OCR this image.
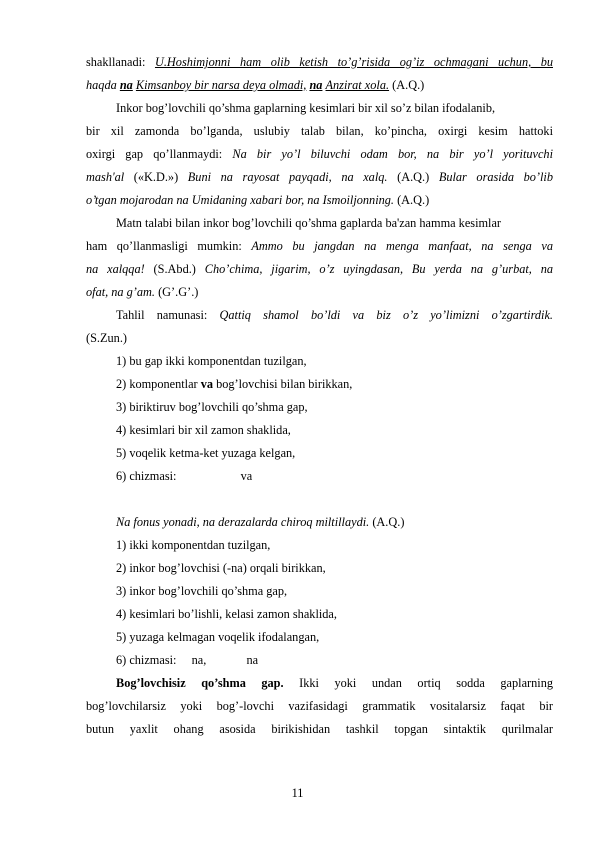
shakllanadi: U.Hoshimjonni ham olib ketish to’g’risida og’iz ochmagani uchun, bu
haqda na Kimsanboy bir narsa deya olmadi, na Anzirat xola. (A.Q.)
Inkor bog’lovchili qo’shma gaplarning kesimlari bir xil so’z bilan ifodalanib,
bir xil zamonda bo’lganda, uslubiy talab bilan, ko’pincha, oxirgi kesim hattoki
oxirgi gap qo’llanmaydi: Na bir yo’l biluvchi odam bor, na bir yo’l yorituvchi
mash'al («K.D.») Buni na rayosat payqadi, na xalq. (A.Q.) Bular orasida bo’lib
o’tgan mojarodan na Umidaning xabari bor, na Ismoiljonning. (A.Q.)
Matn talabi bilan inkor bog’lovchili qo’shma gaplarda ba'zan hamma kesimlar
ham qo’llanmasligi mumkin: Ammo bu jangdan na menga manfaat, na senga va
na xalqqa! (S.Abd.) Cho’chima, jigarim, o’z uyingdasan, Bu yerda na g’urbat, na
ofat, na g’am. (G’.G’.)
Tahlil namunasi: Qattiq shamol bo’ldi va biz o’z yo’limizni o’zgartirdik.
(S.Zun.)
1) bu gap ikki komponentdan tuzilgan,
2) komponentlar va bog’lovchisi bilan birikkan,
3) biriktiruv bog’lovchili qo’shma gap,
4) kesimlari bir xil zamon shaklida,
5) voqelik ketma-ket yuzaga kelgan,
6) chizmasi:	va
Na fonus yonadi, na derazalarda chiroq miltillaydi. (A.Q.)
1) ikki komponentdan tuzilgan,
2) inkor bog’lovchisi (-na) orqali birikkan,
3) inkor bog’lovchili qo’shma gap,
4) kesimlari bo’lishli, kelasi zamon shaklida,
5) yuzaga kelmagan voqelik ifodalangan,
6) chizmasi: na,	na
Bog’lovchisiz qo’shma gap. Ikki yoki undan ortiq sodda gaplarning
bog’lovchilarsiz yoki bog’-lovchi vazifasidagi grammatik vositalarsiz faqat bir
butun yaxlit ohang asosida birikishidan tashkil topgan sintaktik qurilmalar
11
